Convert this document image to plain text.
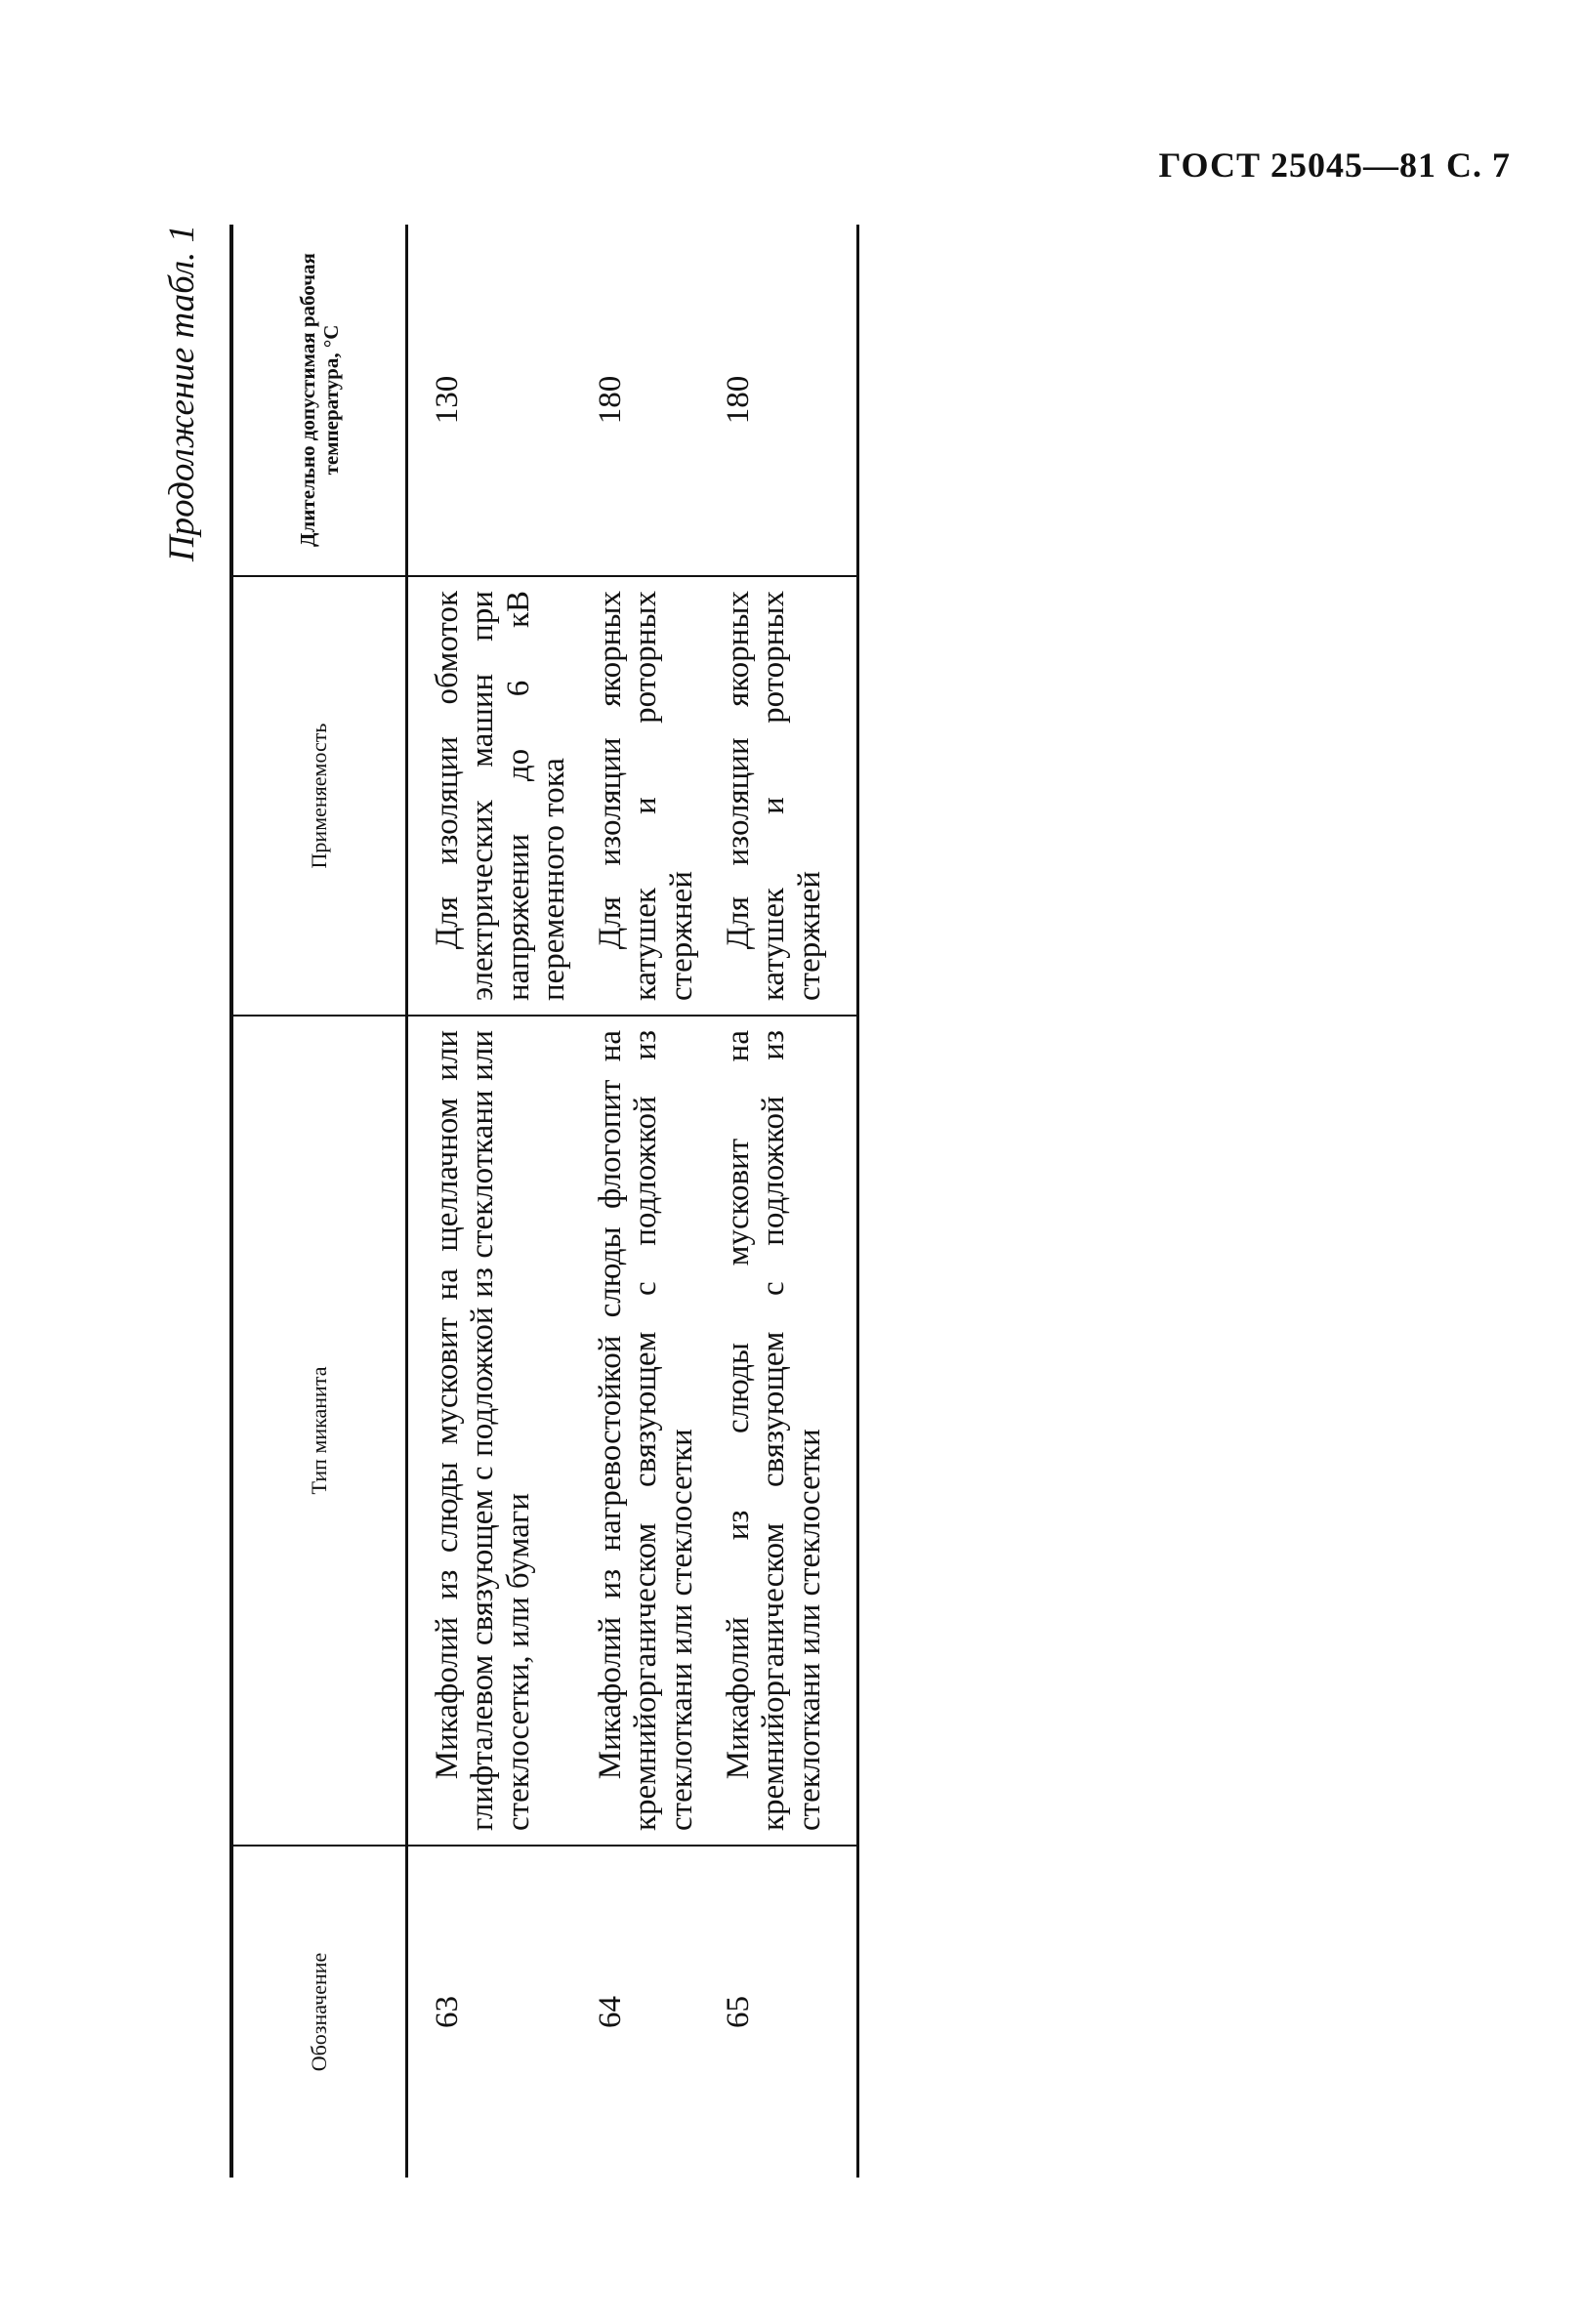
ГОСТ 25045—81 С. 7
Продолжение табл. 1
Обозначение	Тип миканита	Применяемость	Длительно допустимая рабочая температура, °С
63	Микафолий из слюды мусковит на щеллачном или глифталевом связующем с подложкой из стеклоткани или стеклосетки, или бумаги	Для изоляции обмоток электрических машин при напряжении до 6 кВ переменного тока	130
64	Микафолий из нагревостойкой слюды флогопит на кремнийорганическом связующем с подложкой из стеклоткани или стеклосетки	Для изоляции якорных катушек и роторных стержней	180
65	Микафолий из слюды мусковит на кремнийорганическом связующем с подложкой из стеклоткани или стеклосетки	Для изоляции якорных катушек и роторных стержней	180
